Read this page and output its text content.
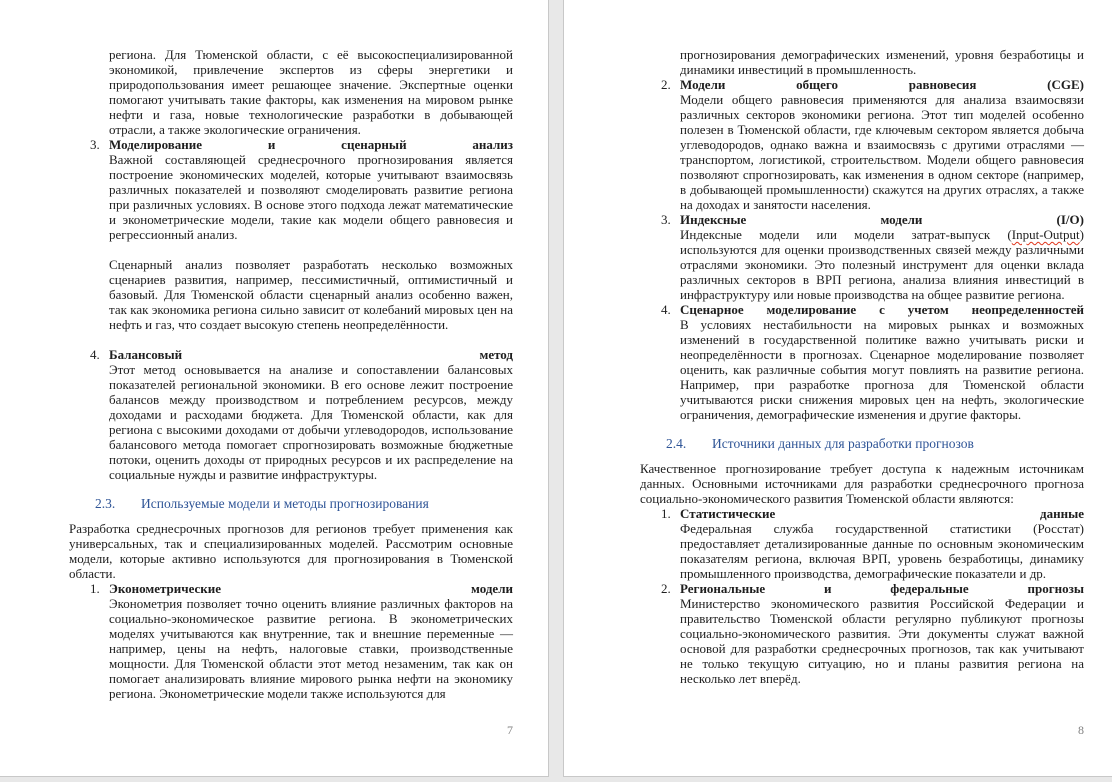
региона. Для Тюменской области, с её высокоспециализированной экономикой, привлечение экспертов из сферы энергетики и природопользования имеет решающее значение. Экспертные оценки помогают учитывать такие факторы, как изменения на мировом рынке нефти и газа, новые технологические разработки в добывающей отрасли, а также экологические ограничения.
3. Моделирование и сценарный анализ
Важной составляющей среднесрочного прогнозирования является построение экономических моделей, которые учитывают взаимосвязь различных показателей и позволяют смоделировать развитие региона при различных условиях. В основе этого подхода лежат математические и эконометрические модели, такие как модели общего равновесия и регрессионный анализ.
Сценарный анализ позволяет разработать несколько возможных сценариев развития, например, пессимистичный, оптимистичный и базовый. Для Тюменской области сценарный анализ особенно важен, так как экономика региона сильно зависит от колебаний мировых цен на нефть и газ, что создает высокую степень неопределённости.
4. Балансовый метод
Этот метод основывается на анализе и сопоставлении балансовых показателей региональной экономики. В его основе лежит построение балансов между производством и потреблением ресурсов, между доходами и расходами бюджета. Для Тюменской области, как для региона с высокими доходами от добычи углеводородов, использование балансового метода помогает спрогнозировать возможные бюджетные потоки, оценить доходы от природных ресурсов и их распределение на социальные нужды и развитие инфраструктуры.
2.3. Используемые модели и методы прогнозирования
Разработка среднесрочных прогнозов для регионов требует применения как универсальных, так и специализированных моделей. Рассмотрим основные модели, которые активно используются для прогнозирования в Тюменской области.
1. Эконометрические модели
Эконометрия позволяет точно оценить влияние различных факторов на социально-экономическое развитие региона. В эконометрических моделях учитываются как внутренние, так и внешние переменные — например, цены на нефть, налоговые ставки, производственные мощности. Для Тюменской области этот метод незаменим, так как он помогает анализировать влияние мирового рынка нефти на экономику региона. Эконометрические модели также используются для
7
прогнозирования демографических изменений, уровня безработицы и динамики инвестиций в промышленность.
2. Модели общего равновесия (CGE)
Модели общего равновесия применяются для анализа взаимосвязи различных секторов экономики региона. Этот тип моделей особенно полезен в Тюменской области, где ключевым сектором является добыча углеводородов, однако важна и взаимосвязь с другими отраслями — транспортом, логистикой, строительством. Модели общего равновесия позволяют спрогнозировать, как изменения в одном секторе (например, в добывающей промышленности) скажутся на других отраслях, а также на доходах и занятости населения.
3. Индексные модели (I/O)
Индексные модели или модели затрат-выпуск (Input-Output) используются для оценки производственных связей между различными отраслями экономики. Это полезный инструмент для оценки вклада различных секторов в ВРП региона, анализа влияния инвестиций в инфраструктуру или новые производства на общее развитие региона.
4. Сценарное моделирование с учетом неопределенностей
В условиях нестабильности на мировых рынках и возможных изменений в государственной политике важно учитывать риски и неопределённости в прогнозах. Сценарное моделирование позволяет оценить, как различные события могут повлиять на развитие региона. Например, при разработке прогноза для Тюменской области учитываются риски снижения мировых цен на нефть, экологические ограничения, демографические изменения и другие факторы.
2.4. Источники данных для разработки прогнозов
Качественное прогнозирование требует доступа к надежным источникам данных. Основными источниками для разработки среднесрочного прогноза социально-экономического развития Тюменской области являются:
1. Статистические данные
Федеральная служба государственной статистики (Росстат) предоставляет детализированные данные по основным экономическим показателям региона, включая ВРП, уровень безработицы, динамику промышленного производства, демографические показатели и др.
2. Региональные и федеральные прогнозы
Министерство экономического развития Российской Федерации и правительство Тюменской области регулярно публикуют прогнозы социально-экономического развития. Эти документы служат важной основой для разработки среднесрочных прогнозов, так как учитывают не только текущую ситуацию, но и планы развития региона на несколько лет вперёд.
8
